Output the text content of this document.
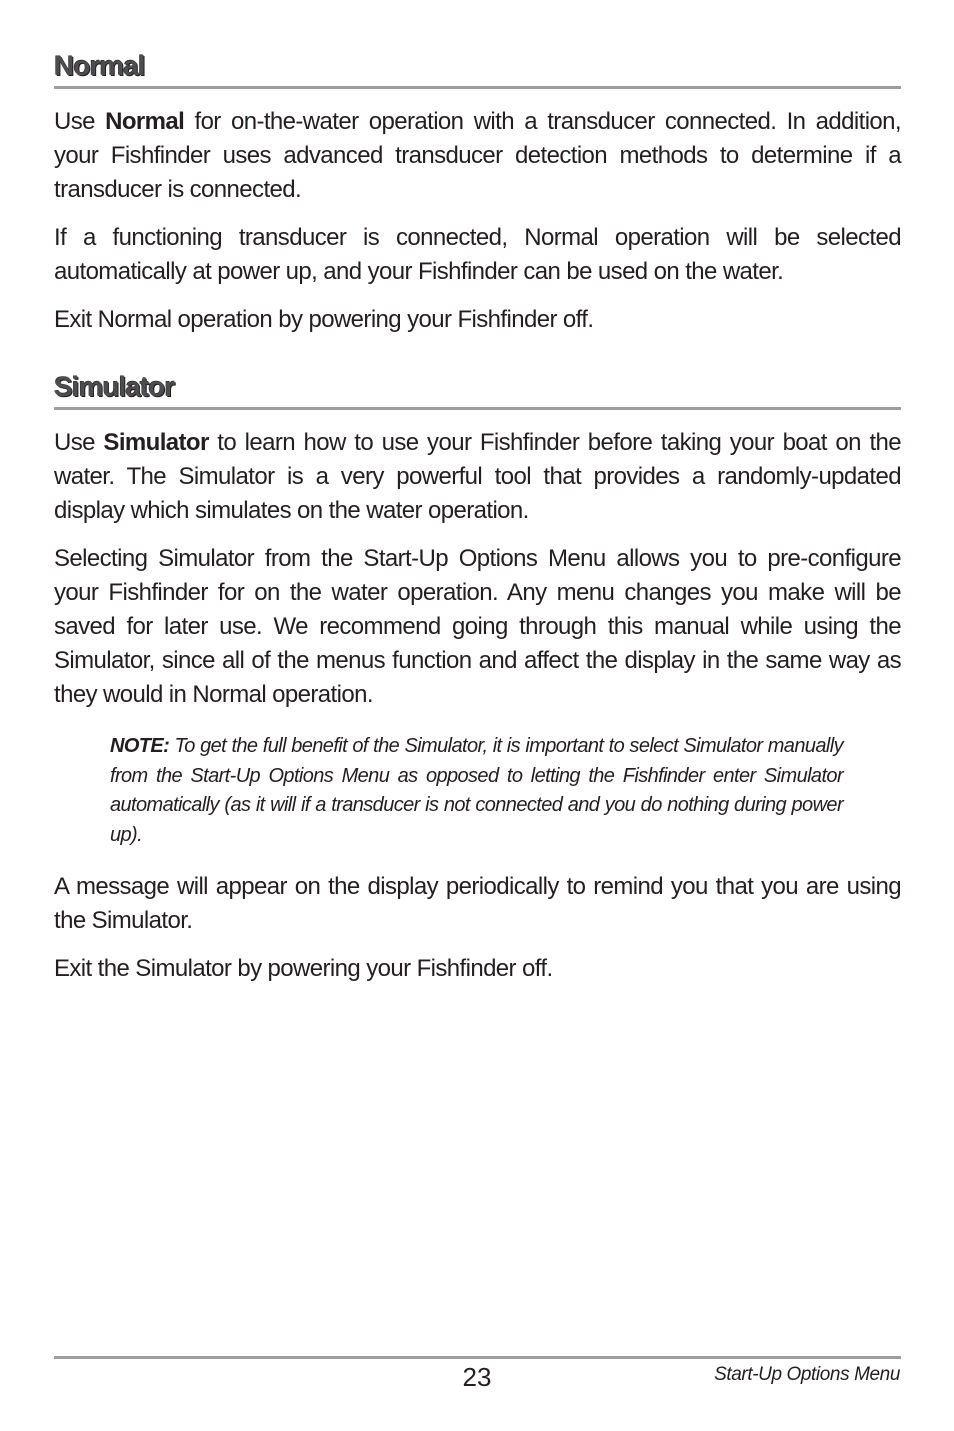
Normal

Use Normal for on-the-water operation with a transducer connected. In addition, your Fishfinder uses advanced transducer detection methods to determine if a transducer is connected.

If a functioning transducer is connected, Normal operation will be selected automatically at power up, and your Fishfinder can be used on the water.

Exit Normal operation by powering your Fishfinder off.

Simulator

Use Simulator to learn how to use your Fishfinder before taking your boat on the water. The Simulator is a very powerful tool that provides a randomly-updated display which simulates on the water operation.

Selecting Simulator from the Start-Up Options Menu allows you to pre-configure your Fishfinder for on the water operation. Any menu changes you make will be saved for later use. We recommend going through this manual while using the Simulator, since all of the menus function and affect the display in the same way as they would in Normal operation.

NOTE: To get the full benefit of the Simulator, it is important to select Simulator manually from the Start-Up Options Menu as opposed to letting the Fishfinder enter Simulator automatically (as it will if a transducer is not connected and you do nothing during power up).

A message will appear on the display periodically to remind you that you are using the Simulator.

Exit the Simulator by powering your Fishfinder off.

23	Start-Up Options Menu
